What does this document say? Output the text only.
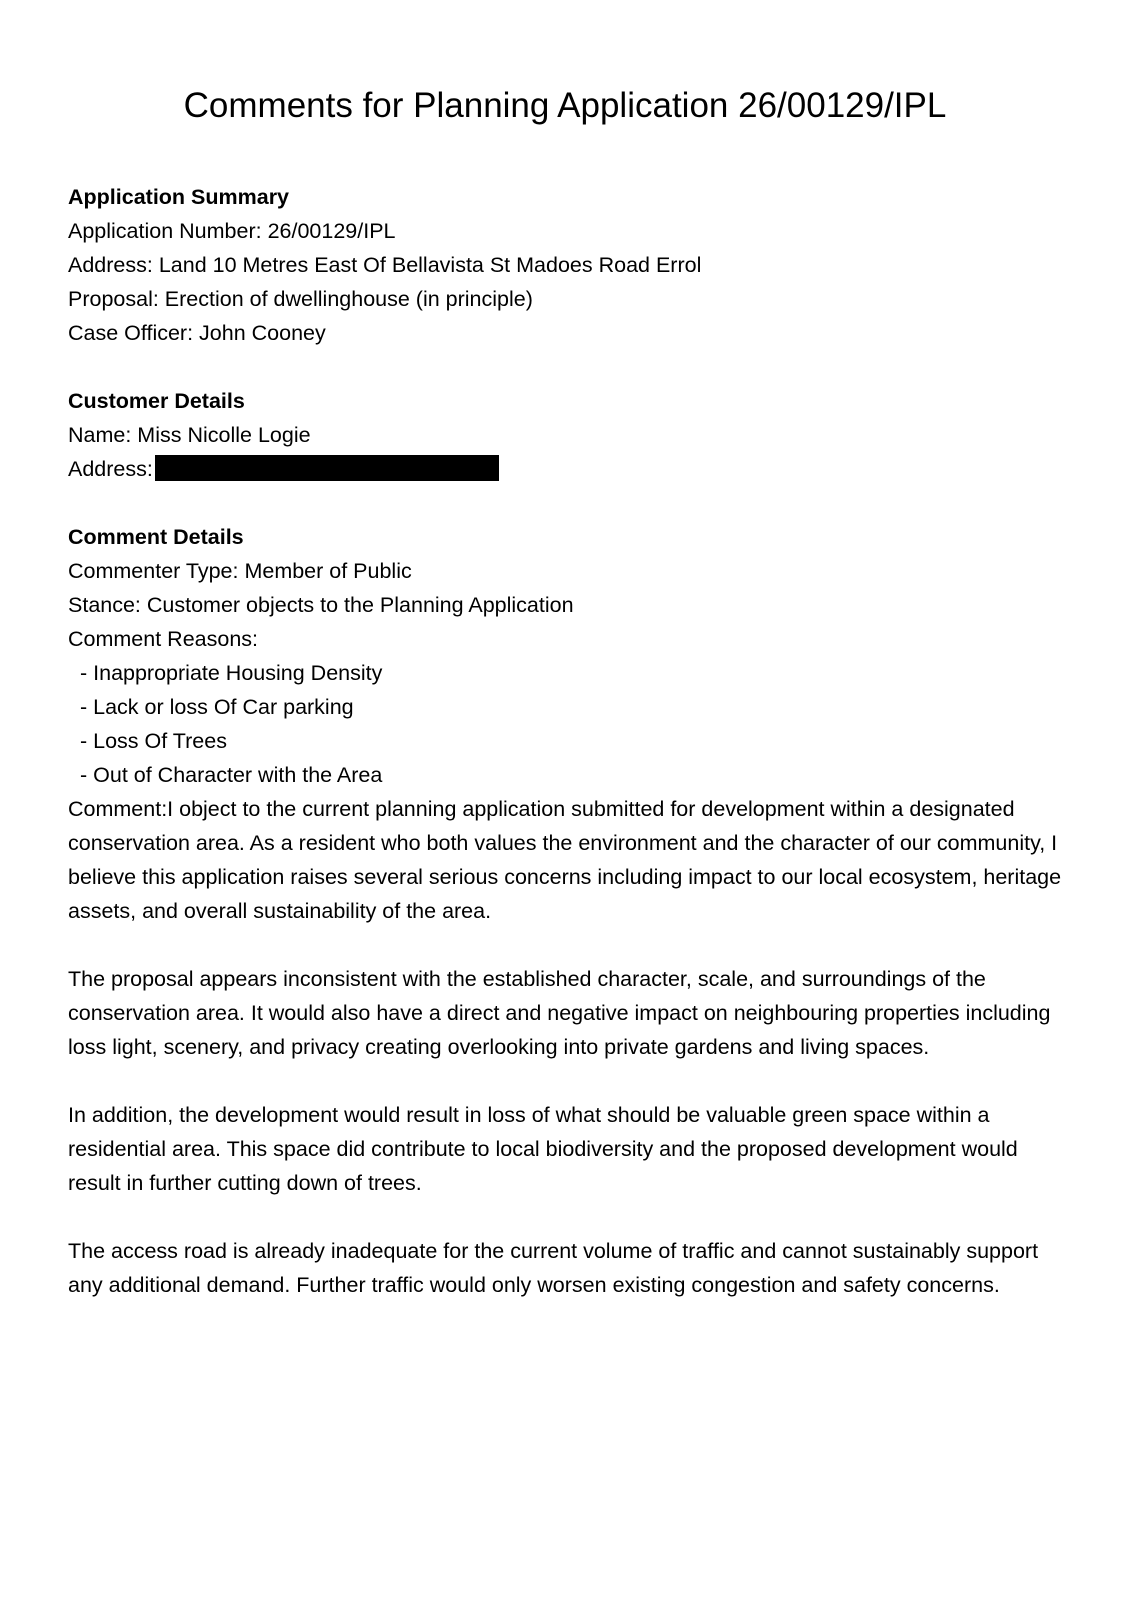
Comments for Planning Application 26/00129/IPL

Application Summary

Application Number: 26/00129/IPL

Address: Land 10 Metres East Of Bellavista St Madoes Road Errol

Proposal: Erection of dwellinghouse (in principle)

Case Officer: John Cooney

Customer Details

Name: Miss Nicolle Logie

Address:

Comment Details

Commenter Type: Member of Public

Stance: Customer objects to the Planning Application

Comment Reasons:

- Inappropriate Housing Density

- Lack or loss Of Car parking

- Loss Of Trees

- Out of Character with the Area

Comment:I object to the current planning application submitted for development within a designated conservation area. As a resident who both values the environment and the character of our community, I believe this application raises several serious concerns including impact to our local ecosystem, heritage assets, and overall sustainability of the area.

The proposal appears inconsistent with the established character, scale, and surroundings of the conservation area. It would also have a direct and negative impact on neighbouring properties including loss light, scenery, and privacy creating overlooking into private gardens and living spaces.

In addition, the development would result in loss of what should be valuable green space within a residential area. This space did contribute to local biodiversity and the proposed development would result in further cutting down of trees.

The access road is already inadequate for the current volume of traffic and cannot sustainably support any additional demand. Further traffic would only worsen existing congestion and safety concerns.
